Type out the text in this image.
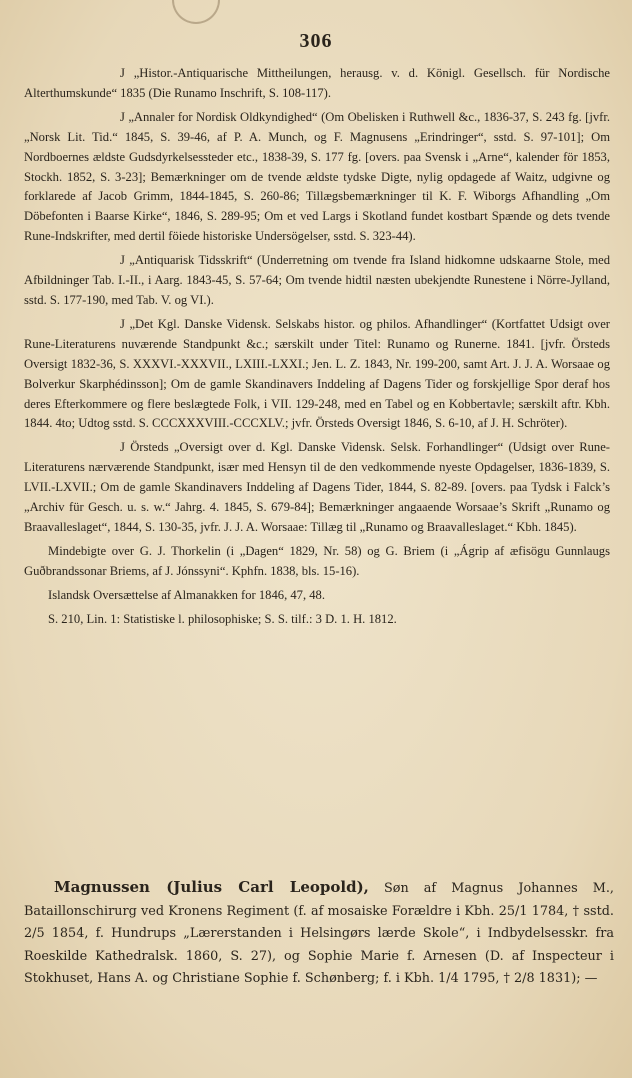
306

J „Histor.-Antiquarische Mittheilungen, herausg. v. d. Königl. Gesellsch. für Nordische Alterthumskunde“ 1835 (Die Runamo Inschrift, S. 108-117).

J „Annaler for Nordisk Oldkyndighed“ (Om Obelisken i Ruthwell &c., 1836-37, S. 243 fg. [jvfr. „Norsk Lit. Tid.“ 1845, S. 39-46, af P. A. Munch, og F. Magnusens „Erindringer“, sstd. S. 97-101]; Om Nordboernes ældste Gudsdyrkelsessteder etc., 1838-39, S. 177 fg. [overs. paa Svensk i „Arne“, kalender för 1853, Stockh. 1852, S. 3-23]; Bemærkninger om de tvende ældste tydske Digte, nylig opdagede af Waitz, udgivne og forklarede af Jacob Grimm, 1844-1845, S. 260-86; Tillægsbemærkninger til K. F. Wiborgs Afhandling „Om Döbefonten i Baarse Kirke“, 1846, S. 289-95; Om et ved Largs i Skotland fundet kostbart Spænde og dets tvende Rune-Indskrifter, med dertil föiede historiske Undersögelser, sstd. S. 323-44).

J „Antiquarisk Tidsskrift“ (Underretning om tvende fra Island hidkomne udskaarne Stole, med Afbildninger Tab. I.-II., i Aarg. 1843-45, S. 57-64; Om tvende hidtil næsten ubekjendte Runestene i Nörre-Jylland, sstd. S. 177-190, med Tab. V. og VI.).

J „Det Kgl. Danske Vidensk. Selskabs histor. og philos. Afhandlinger“ (Kortfattet Udsigt over Rune-Literaturens nuværende Standpunkt &c.; særskilt under Titel: Runamo og Runerne. 1841. [jvfr. Örsteds Oversigt 1832-36, S. XXXVI.-XXXVII., LXIII.-LXXI.; Jen. L. Z. 1843, Nr. 199-200, samt Art. J. J. A. Worsaae og Bolverkur Skarphédinsson]; Om de gamle Skandinavers Inddeling af Dagens Tider og forskjellige Spor deraf hos deres Efterkommere og flere beslægtede Folk, i VII. 129-248, med en Tabel og en Kobbertavle; særskilt aftr. Kbh. 1844. 4to; Udtog sstd. S. CCCXXXVIII.-CCCXLV.; jvfr. Örsteds Oversigt 1846, S. 6-10, af J. H. Schröter).

J Örsteds „Oversigt over d. Kgl. Danske Vidensk. Selsk. Forhandlinger“ (Udsigt over Rune-Literaturens nærværende Standpunkt, især med Hensyn til de den vedkommende nyeste Opdagelser, 1836-1839, S. LVII.-LXVII.; Om de gamle Skandinavers Inddeling af Dagens Tider, 1844, S. 82-89. [overs. paa Tydsk i Falck’s „Archiv für Gesch. u. s. w.“ Jahrg. 4. 1845, S. 679-84]; Bemærkninger angaaende Worsaae’s Skrift „Runamo og Braavalleslaget“, 1844, S. 130-35, jvfr. J. J. A. Worsaae: Tillæg til „Runamo og Braavalleslaget.“ Kbh. 1845).

Mindebigte over G. J. Thorkelin (i „Dagen“ 1829, Nr. 58) og G. Briem (i „Ágrip af æfisögu Gunnlaugs Guðbrandssonar Briems, af J. Jónssyni“. Kphfn. 1838, bls. 15-16).

Islandsk Oversættelse af Almanakken for 1846, 47, 48.

S. 210, Lin. 1: Statistiske l. philosophiske; S. S. tilf.: 3 D. 1. H. 1812.

Magnussen (Julius Carl Leopold), Søn af Magnus Johannes M., Bataillonschirurg ved Kronens Regiment (f. af mosaiske Forældre i Kbh. 25/1 1784, † sstd. 2/5 1854, f. Hundrups „Lærerstanden i Helsingørs lærde Skole“, i Indbydelsesskr. fra Roeskilde Kathedralsk. 1860, S. 27), og Sophie Marie f. Arnesen (D. af Inspecteur i Stokhuset, Hans A. og Christiane Sophie f. Schønberg; f. i Kbh. 1/4 1795, † 2/8 1831); —
